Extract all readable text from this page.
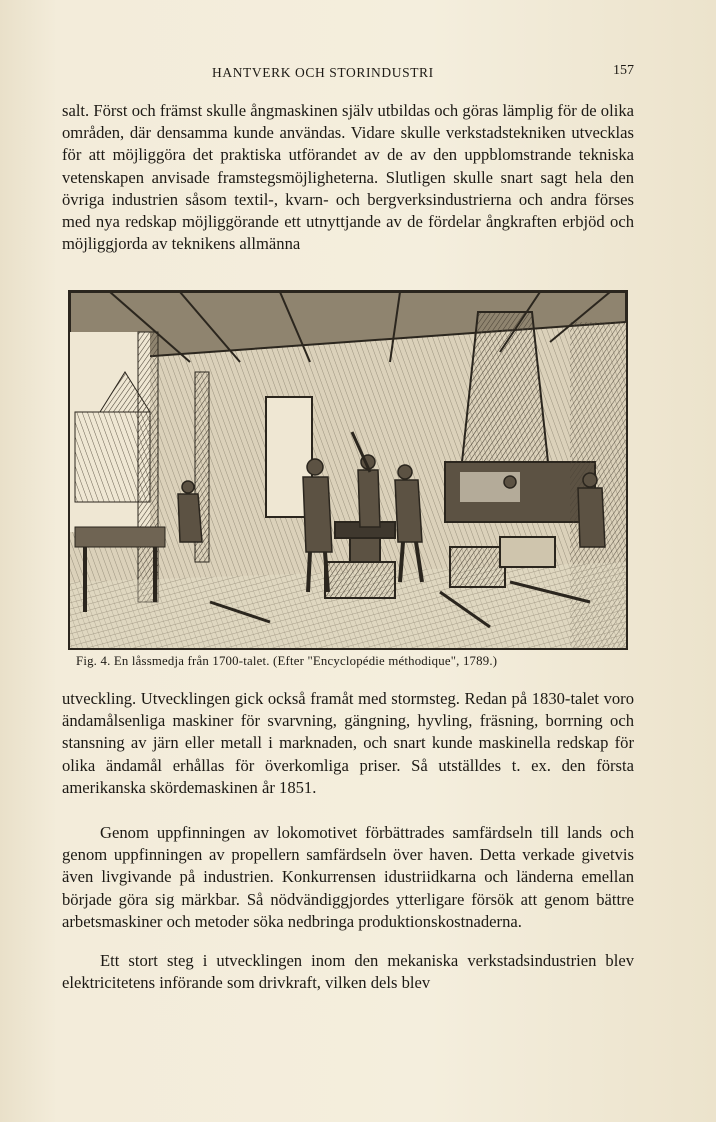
HANTVERK OCH STORINDUSTRI	157

salt. Först och främst skulle ångmaskinen själv utbildas och göras lämplig för de olika områden, där densamma kunde användas. Vidare skulle verkstadstekniken utvecklas för att möjliggöra det praktiska utförandet av de av den uppblomstrande tekniska vetenskapen anvisade framstegsmöjligheterna. Slutligen skulle snart sagt hela den övriga industrien såsom textil-, kvarn- och bergverksindustrierna och andra förses med nya redskap möjliggörande ett utnyttjande av de fördelar ångkraften erbjöd och möjliggjorda av teknikens allmänna

Fig. 4. En låssmedja från 1700-talet. (Efter "Encyclopédie méthodique", 1789.)

utveckling. Utvecklingen gick också framåt med stormsteg. Redan på 1830-talet voro ändamålsenliga maskiner för svarvning, gängning, hyvling, fräsning, borrning och stansning av järn eller metall i marknaden, och snart kunde maskinella redskap för olika ändamål erhållas för överkomliga priser. Så utställdes t. ex. den första amerikanska skördemaskinen år 1851.

Genom uppfinningen av lokomotivet förbättrades samfärdseln till lands och genom uppfinningen av propellern samfärdseln över haven. Detta verkade givetvis även livgivande på industrien. Konkurrensen idustriidkarna och länderna emellan började göra sig märkbar. Så nödvändiggjordes ytterligare försök att genom bättre arbetsmaskiner och metoder söka nedbringa produktionskostnaderna.

Ett stort steg i utvecklingen inom den mekaniska verkstadsindustrien blev elektricitetens införande som drivkraft, vilken dels blev
